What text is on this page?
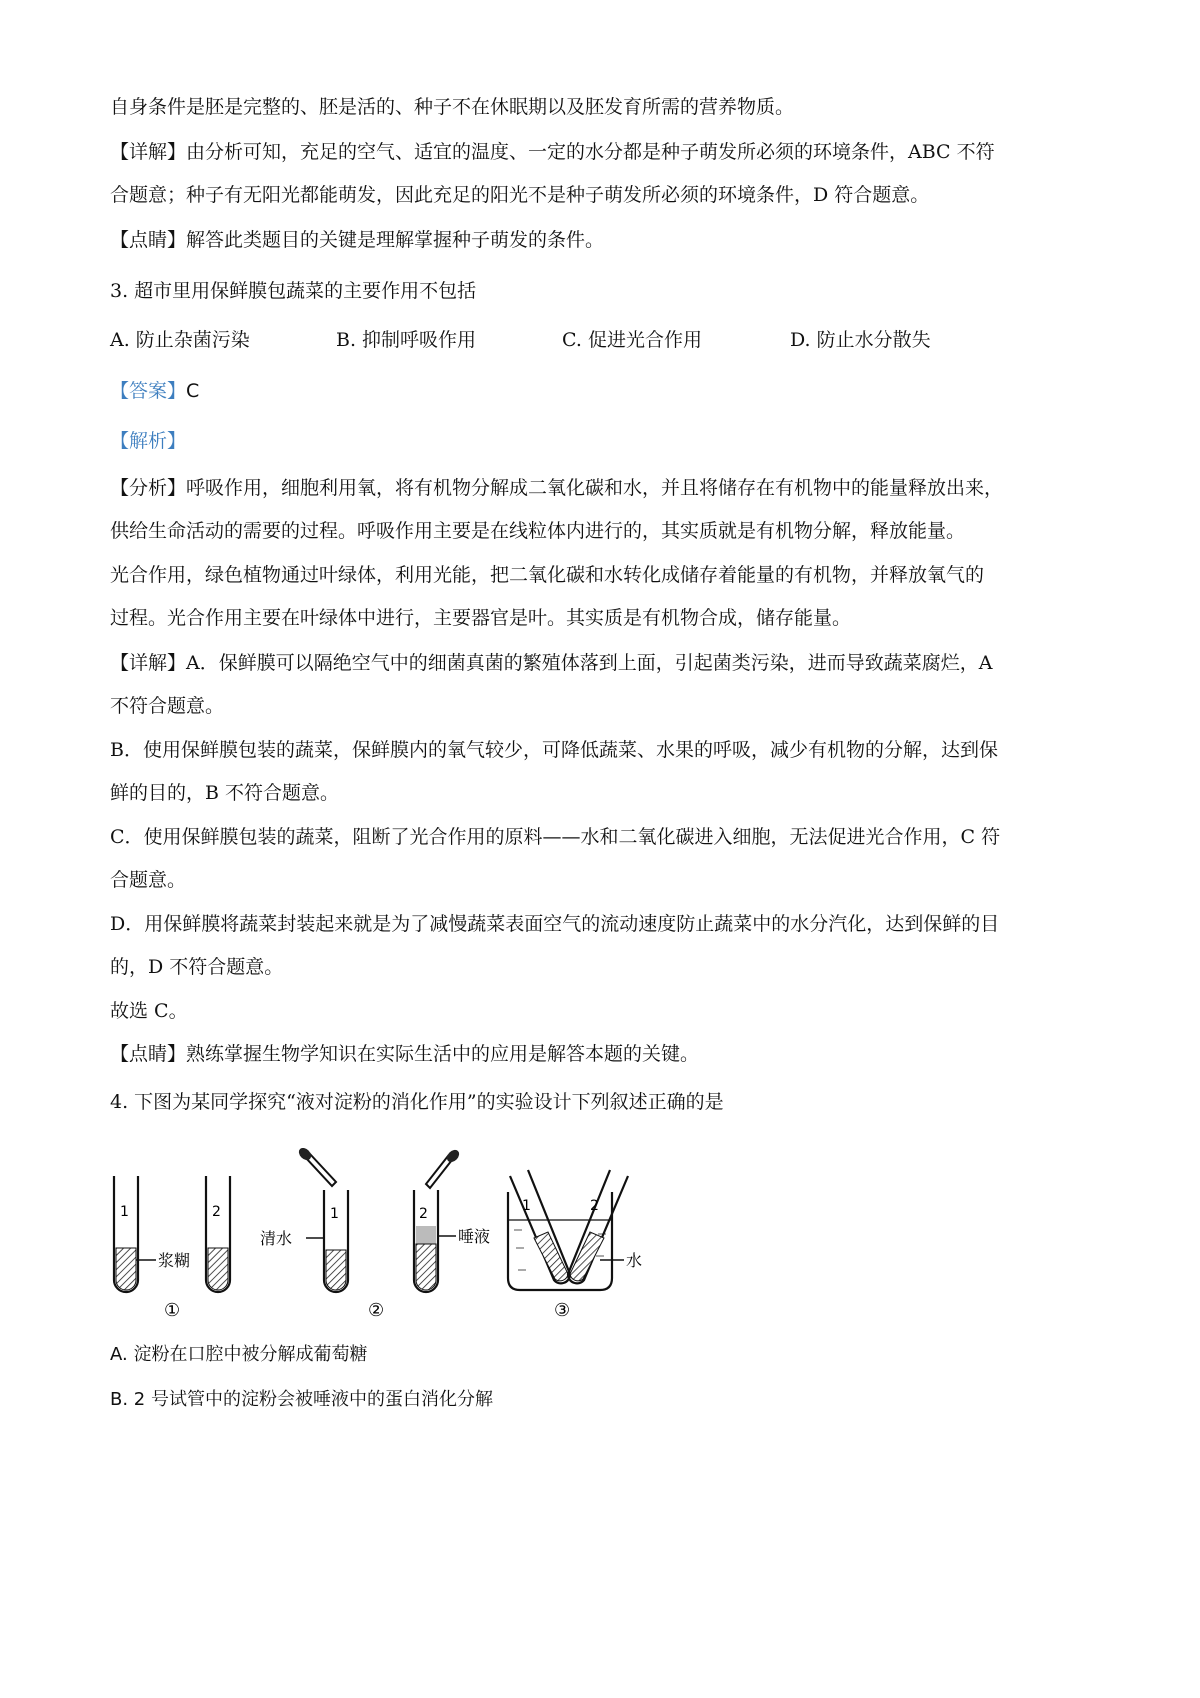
自身条件是胚是完整的、胚是活的、种子不在休眠期以及胚发育所需的营养物质。
【详解】由分析可知，充足的空气、适宜的温度、一定的水分都是种子萌发所必须的环境条件，ABC 不符
合题意；种子有无阳光都能萌发，因此充足的阳光不是种子萌发所必须的环境条件，D 符合题意。
【点睛】解答此类题目的关键是理解掌握种子萌发的条件。
3. 超市里用保鲜膜包蔬菜的主要作用不包括
A. 防止杂菌污染	B. 抑制呼吸作用	C. 促进光合作用	D. 防止水分散失
【答案】C
【解析】
【分析】呼吸作用，细胞利用氧，将有机物分解成二氧化碳和水，并且将储存在有机物中的能量释放出来，
供给生命活动的需要的过程。呼吸作用主要是在线粒体内进行的，其实质就是有机物分解，释放能量。
光合作用，绿色植物通过叶绿体，利用光能，把二氧化碳和水转化成储存着能量的有机物，并释放氧气的
过程。光合作用主要在叶绿体中进行，主要器官是叶。其实质是有机物合成，储存能量。
【详解】A．保鲜膜可以隔绝空气中的细菌真菌的繁殖体落到上面，引起菌类污染，进而导致蔬菜腐烂，A
不符合题意。
B．使用保鲜膜包装的蔬菜，保鲜膜内的氧气较少，可降低蔬菜、水果的呼吸，减少有机物的分解，达到保
鲜的目的，B 不符合题意。
C．使用保鲜膜包装的蔬菜，阻断了光合作用的原料——水和二氧化碳进入细胞，无法促进光合作用，C 符
合题意。
D．用保鲜膜将蔬菜封装起来就是为了减慢蔬菜表面空气的流动速度防止蔬菜中的水分汽化，达到保鲜的目
的，D 不符合题意。
故选 C。
【点睛】熟练掌握生物学知识在实际生活中的应用是解答本题的关键。
4. 下图为某同学探究“液对淀粉的消化作用”的实验设计下列叙述正确的是
1	2
浆糊
①
清水
1	2
唾液
②
1	2
水
③
A. 淀粉在口腔中被分解成葡萄糖
B. 2 号试管中的淀粉会被唾液中的蛋白消化分解
